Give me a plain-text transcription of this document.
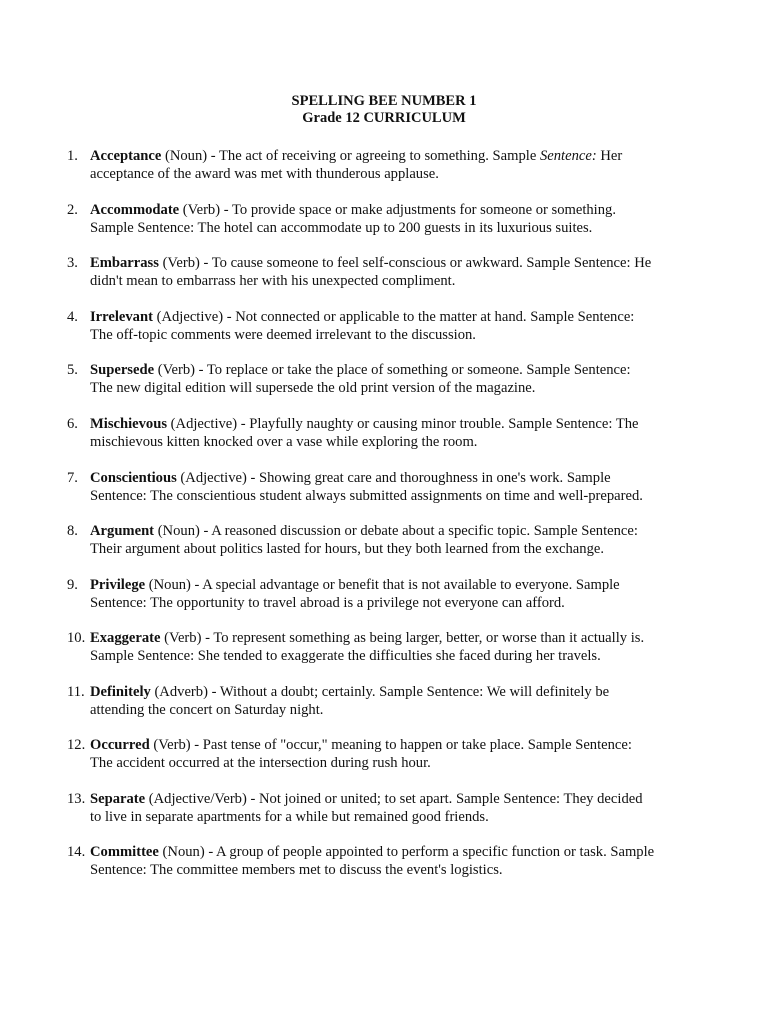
SPELLING BEE NUMBER 1
Grade 12 CURRICULUM
1. Acceptance (Noun) - The act of receiving or agreeing to something. Sample Sentence: Her
acceptance of the award was met with thunderous applause.
2. Accommodate (Verb) - To provide space or make adjustments for someone or something.
Sample Sentence: The hotel can accommodate up to 200 guests in its luxurious suites.
3. Embarrass (Verb) - To cause someone to feel self-conscious or awkward. Sample Sentence: He
didn't mean to embarrass her with his unexpected compliment.
4. Irrelevant (Adjective) - Not connected or applicable to the matter at hand. Sample Sentence:
The off-topic comments were deemed irrelevant to the discussion.
5. Supersede (Verb) - To replace or take the place of something or someone. Sample Sentence:
The new digital edition will supersede the old print version of the magazine.
6. Mischievous (Adjective) - Playfully naughty or causing minor trouble. Sample Sentence: The
mischievous kitten knocked over a vase while exploring the room.
7. Conscientious (Adjective) - Showing great care and thoroughness in one's work. Sample
Sentence: The conscientious student always submitted assignments on time and well-prepared.
8. Argument (Noun) - A reasoned discussion or debate about a specific topic. Sample Sentence:
Their argument about politics lasted for hours, but they both learned from the exchange.
9. Privilege (Noun) - A special advantage or benefit that is not available to everyone. Sample
Sentence: The opportunity to travel abroad is a privilege not everyone can afford.
10. Exaggerate (Verb) - To represent something as being larger, better, or worse than it actually is.
Sample Sentence: She tended to exaggerate the difficulties she faced during her travels.
11. Definitely (Adverb) - Without a doubt; certainly. Sample Sentence: We will definitely be
attending the concert on Saturday night.
12. Occurred (Verb) - Past tense of "occur," meaning to happen or take place. Sample Sentence:
The accident occurred at the intersection during rush hour.
13. Separate (Adjective/Verb) - Not joined or united; to set apart. Sample Sentence: They decided
to live in separate apartments for a while but remained good friends.
14. Committee (Noun) - A group of people appointed to perform a specific function or task. Sample
Sentence: The committee members met to discuss the event's logistics.
